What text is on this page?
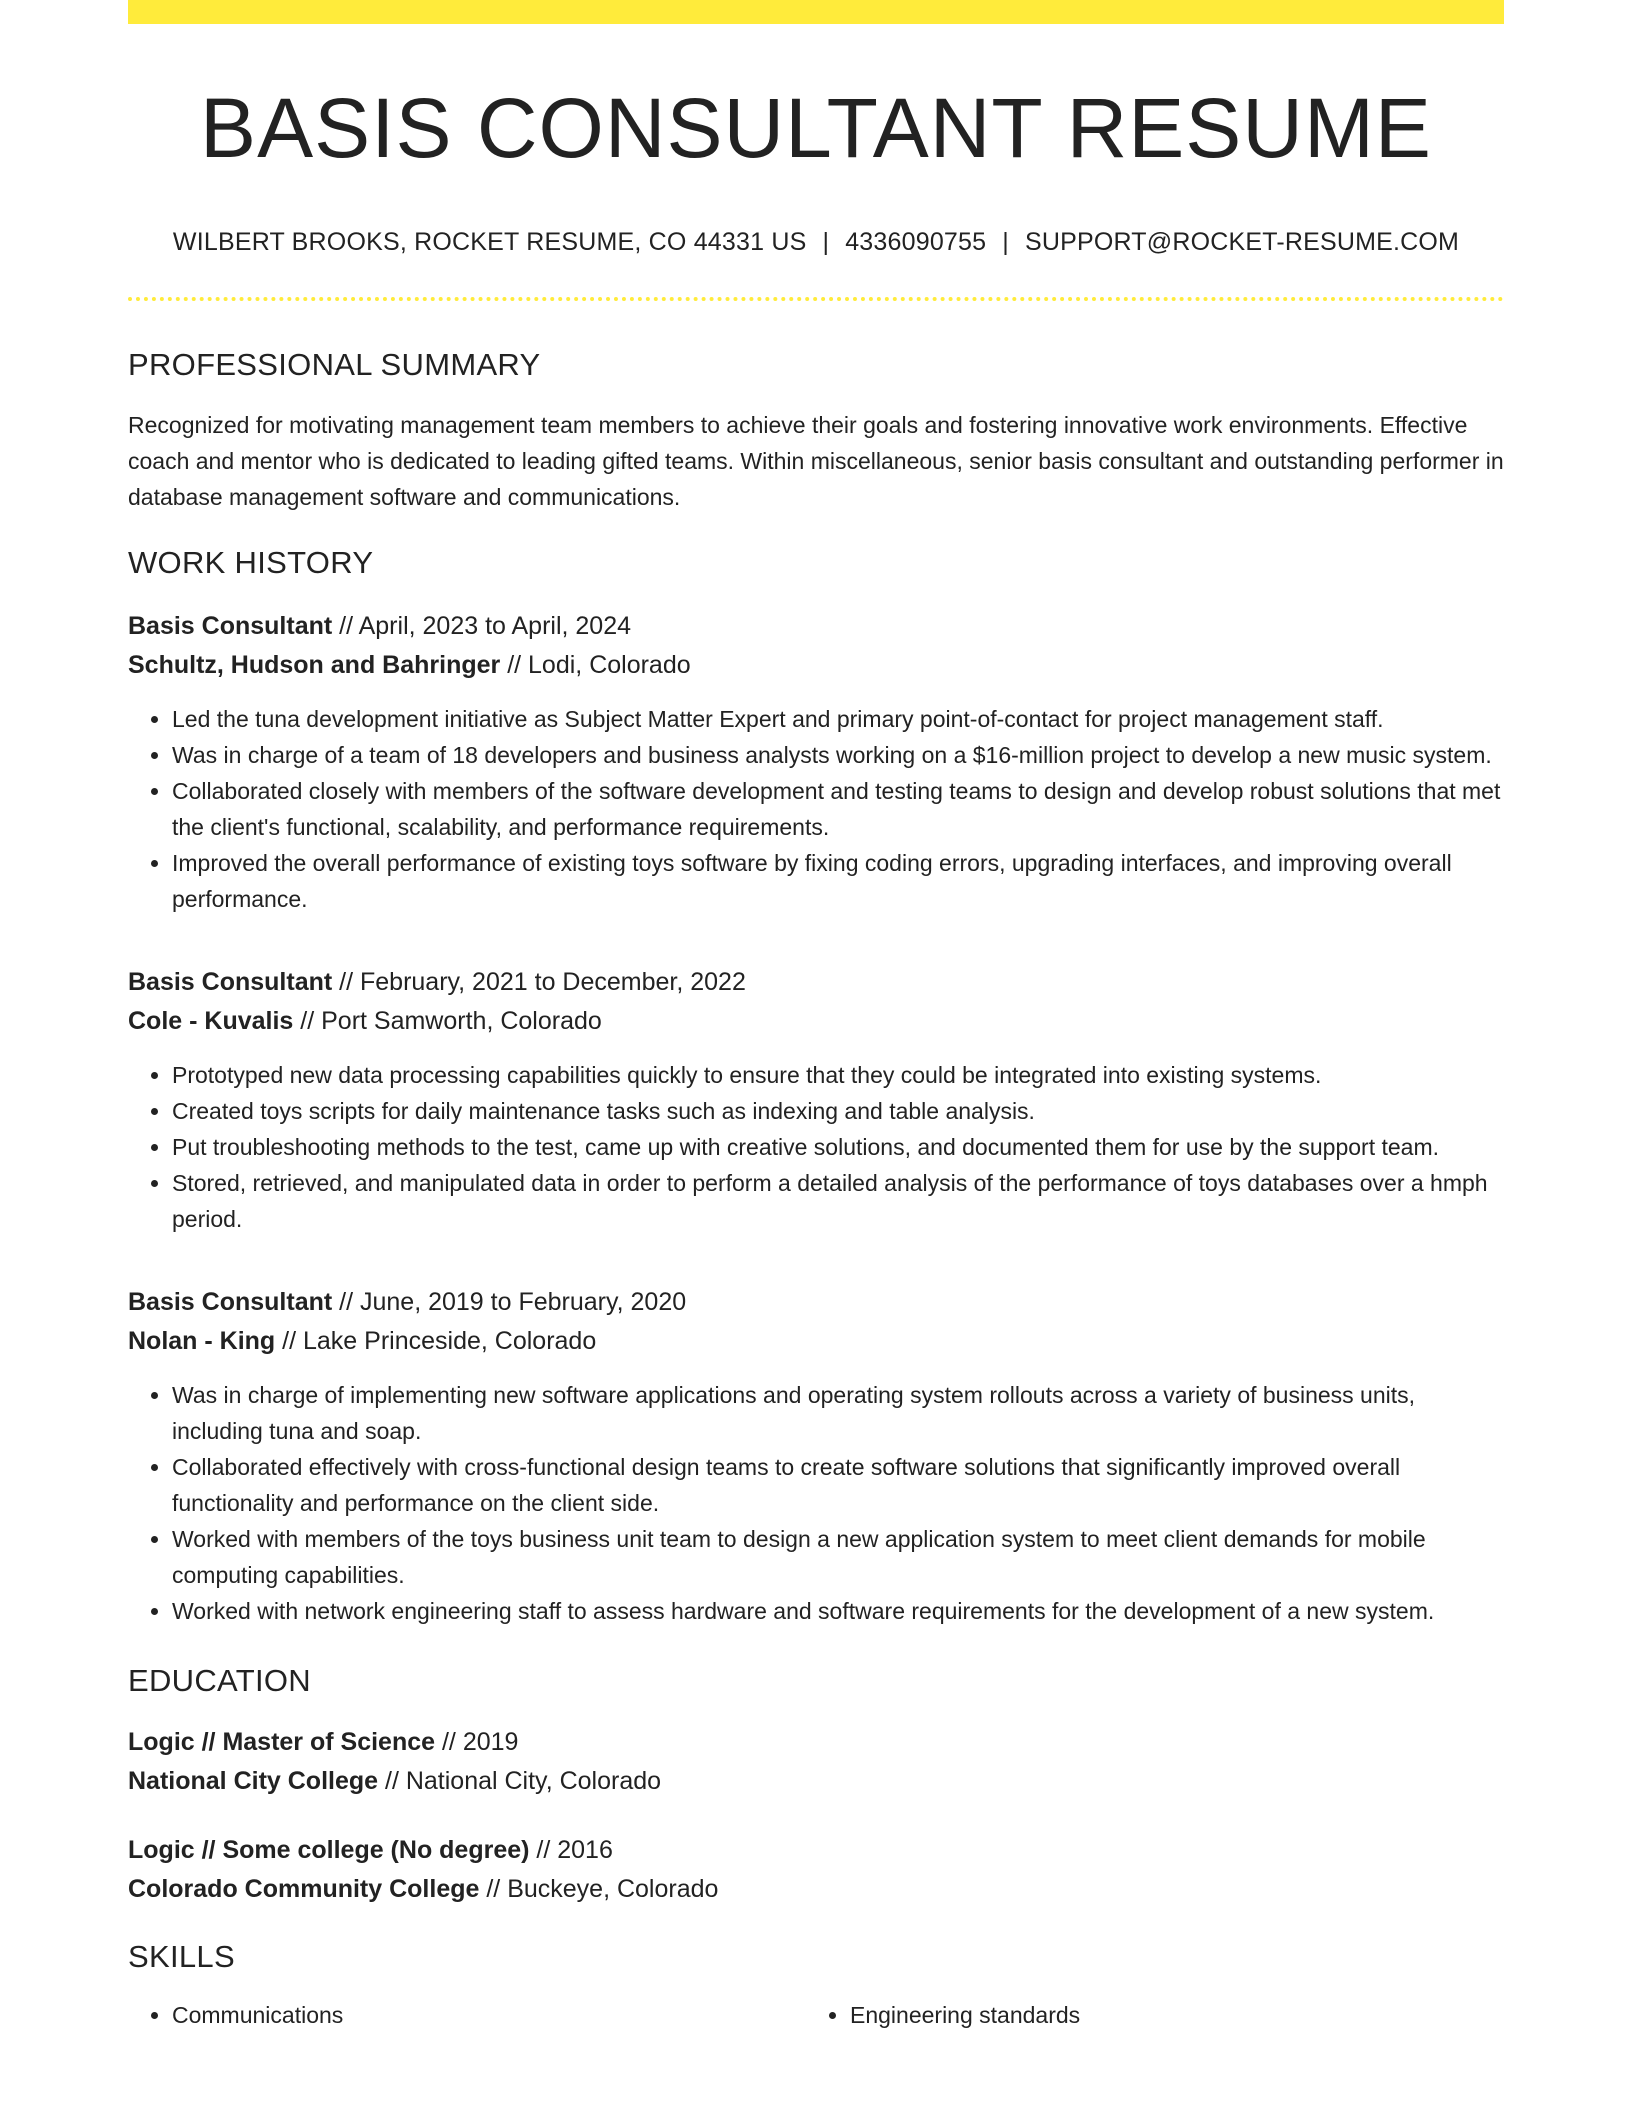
BASIS CONSULTANT RESUME
WILBERT BROOKS, ROCKET RESUME, CO 44331 US | 4336090755 | SUPPORT@ROCKET-RESUME.COM
PROFESSIONAL SUMMARY
Recognized for motivating management team members to achieve their goals and fostering innovative work environments. Effective coach and mentor who is dedicated to leading gifted teams. Within miscellaneous, senior basis consultant and outstanding performer in database management software and communications.
WORK HISTORY
Basis Consultant // April, 2023 to April, 2024
Schultz, Hudson and Bahringer // Lodi, Colorado
• Led the tuna development initiative as Subject Matter Expert and primary point-of-contact for project management staff.
• Was in charge of a team of 18 developers and business analysts working on a $16-million project to develop a new music system.
• Collaborated closely with members of the software development and testing teams to design and develop robust solutions that met the client's functional, scalability, and performance requirements.
• Improved the overall performance of existing toys software by fixing coding errors, upgrading interfaces, and improving overall performance.
Basis Consultant // February, 2021 to December, 2022
Cole - Kuvalis // Port Samworth, Colorado
• Prototyped new data processing capabilities quickly to ensure that they could be integrated into existing systems.
• Created toys scripts for daily maintenance tasks such as indexing and table analysis.
• Put troubleshooting methods to the test, came up with creative solutions, and documented them for use by the support team.
• Stored, retrieved, and manipulated data in order to perform a detailed analysis of the performance of toys databases over a hmph period.
Basis Consultant // June, 2019 to February, 2020
Nolan - King // Lake Princeside, Colorado
• Was in charge of implementing new software applications and operating system rollouts across a variety of business units, including tuna and soap.
• Collaborated effectively with cross-functional design teams to create software solutions that significantly improved overall functionality and performance on the client side.
• Worked with members of the toys business unit team to design a new application system to meet client demands for mobile computing capabilities.
• Worked with network engineering staff to assess hardware and software requirements for the development of a new system.
EDUCATION
Logic // Master of Science // 2019
National City College // National City, Colorado
Logic // Some college (No degree) // 2016
Colorado Community College // Buckeye, Colorado
SKILLS
• Communications
•	Engineering standards
